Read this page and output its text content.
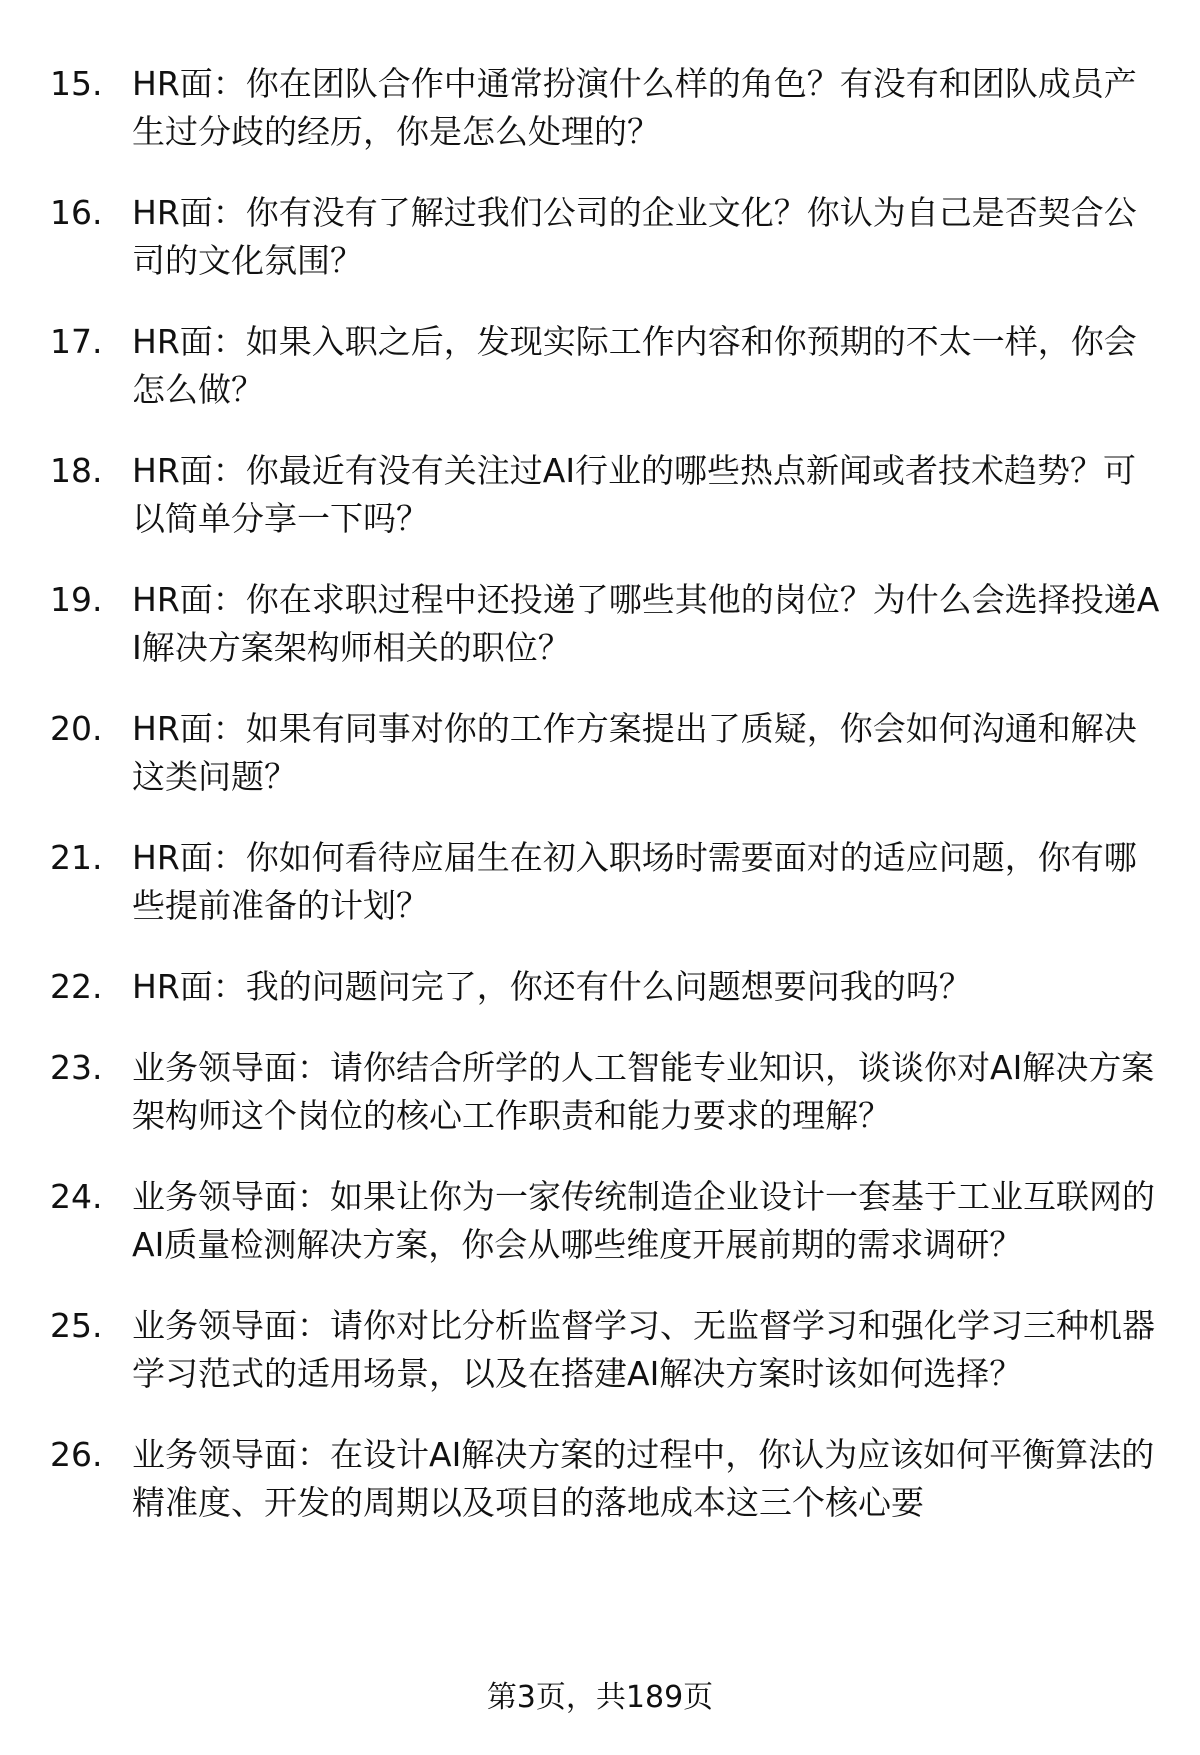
15. HR面：你在团队合作中通常扮演什么样的角色？有没有和团队成员产生过分歧的经历，你是怎么处理的？
16. HR面：你有没有了解过我们公司的企业文化？你认为自己是否契合公司的文化氛围？
17. HR面：如果入职之后，发现实际工作内容和你预期的不太一样，你会怎么做？
18. HR面：你最近有没有关注过AI行业的哪些热点新闻或者技术趋势？可以简单分享一下吗？
19. HR面：你在求职过程中还投递了哪些其他的岗位？为什么会选择投递AI解决方案架构师相关的职位？
20. HR面：如果有同事对你的工作方案提出了质疑，你会如何沟通和解决这类问题？
21. HR面：你如何看待应届生在初入职场时需要面对的适应问题，你有哪些提前准备的计划？
22. HR面：我的问题问完了，你还有什么问题想要问我的吗？
23. 业务领导面：请你结合所学的人工智能专业知识，谈谈你对AI解决方案架构师这个岗位的核心工作职责和能力要求的理解？
24. 业务领导面：如果让你为一家传统制造企业设计一套基于工业互联网的AI质量检测解决方案，你会从哪些维度开展前期的需求调研？
25. 业务领导面：请你对比分析监督学习、无监督学习和强化学习三种机器学习范式的适用场景，以及在搭建AI解决方案时该如何选择？
26. 业务领导面：在设计AI解决方案的过程中，你认为应该如何平衡算法的精准度、开发的周期以及项目的落地成本这三个核心要
第3页，共189页
